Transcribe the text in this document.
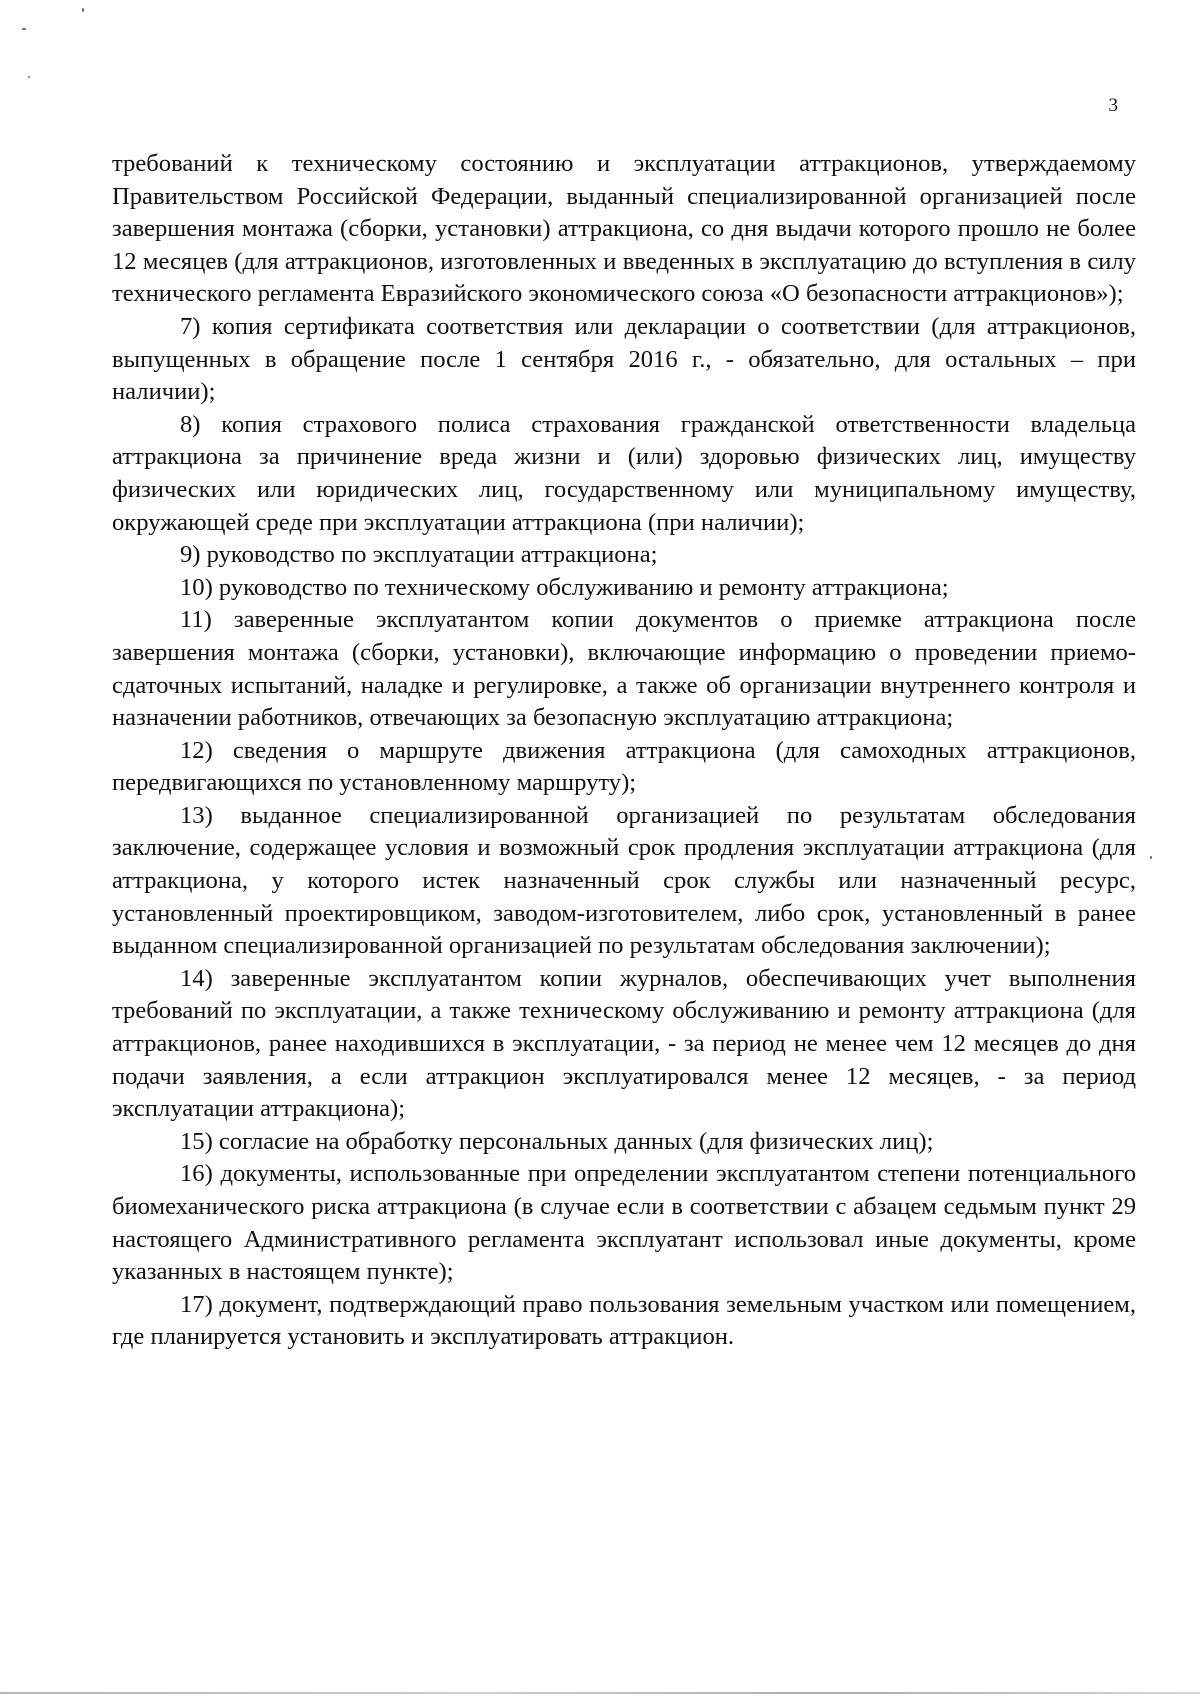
3

требований к техническому состоянию и эксплуатации аттракционов, утверждаемому Правительством Российской Федерации, выданный специализированной организацией после завершения монтажа (сборки, установки) аттракциона, со дня выдачи которого прошло не более 12 месяцев (для аттракционов, изготовленных и введенных в эксплуатацию до вступления в силу технического регламента Евразийского экономического союза «О безопасности аттракционов»);

7) копия сертификата соответствия или декларации о соответствии (для аттракционов, выпущенных в обращение после 1 сентября 2016 г., - обязательно, для остальных – при наличии);

8) копия страхового полиса страхования гражданской ответственности владельца аттракциона за причинение вреда жизни и (или) здоровью физических лиц, имуществу физических или юридических лиц, государственному или муниципальному имуществу, окружающей среде при эксплуатации аттракциона (при наличии);

9) руководство по эксплуатации аттракциона;

10) руководство по техническому обслуживанию и ремонту аттракциона;

11) заверенные эксплуатантом копии документов о приемке аттракциона после завершения монтажа (сборки, установки), включающие информацию о проведении приемо-сдаточных испытаний, наладке и регулировке, а также об организации внутреннего контроля и назначении работников, отвечающих за безопасную эксплуатацию аттракциона;

12) сведения о маршруте движения аттракциона (для самоходных аттракционов, передвигающихся по установленному маршруту);

13) выданное специализированной организацией по результатам обследования заключение, содержащее условия и возможный срок продления эксплуатации аттракциона (для аттракциона, у которого истек назначенный срок службы или назначенный ресурс, установленный проектировщиком, заводом-изготовителем, либо срок, установленный в ранее выданном специализированной организацией по результатам обследования заключении);

14) заверенные эксплуатантом копии журналов, обеспечивающих учет выполнения требований по эксплуатации, а также техническому обслуживанию и ремонту аттракциона (для аттракционов, ранее находившихся в эксплуатации, - за период не менее чем 12 месяцев до дня подачи заявления, а если аттракцион эксплуатировался менее 12 месяцев, - за период эксплуатации аттракциона);

15) согласие на обработку персональных данных (для физических лиц);

16) документы, использованные при определении эксплуатантом степени потенциального биомеханического риска аттракциона (в случае если в соответствии с абзацем седьмым пункт 29 настоящего Административного регламента эксплуатант использовал иные документы, кроме указанных в настоящем пункте);

17) документ, подтверждающий право пользования земельным участком или помещением, где планируется установить и эксплуатировать аттракцион.
